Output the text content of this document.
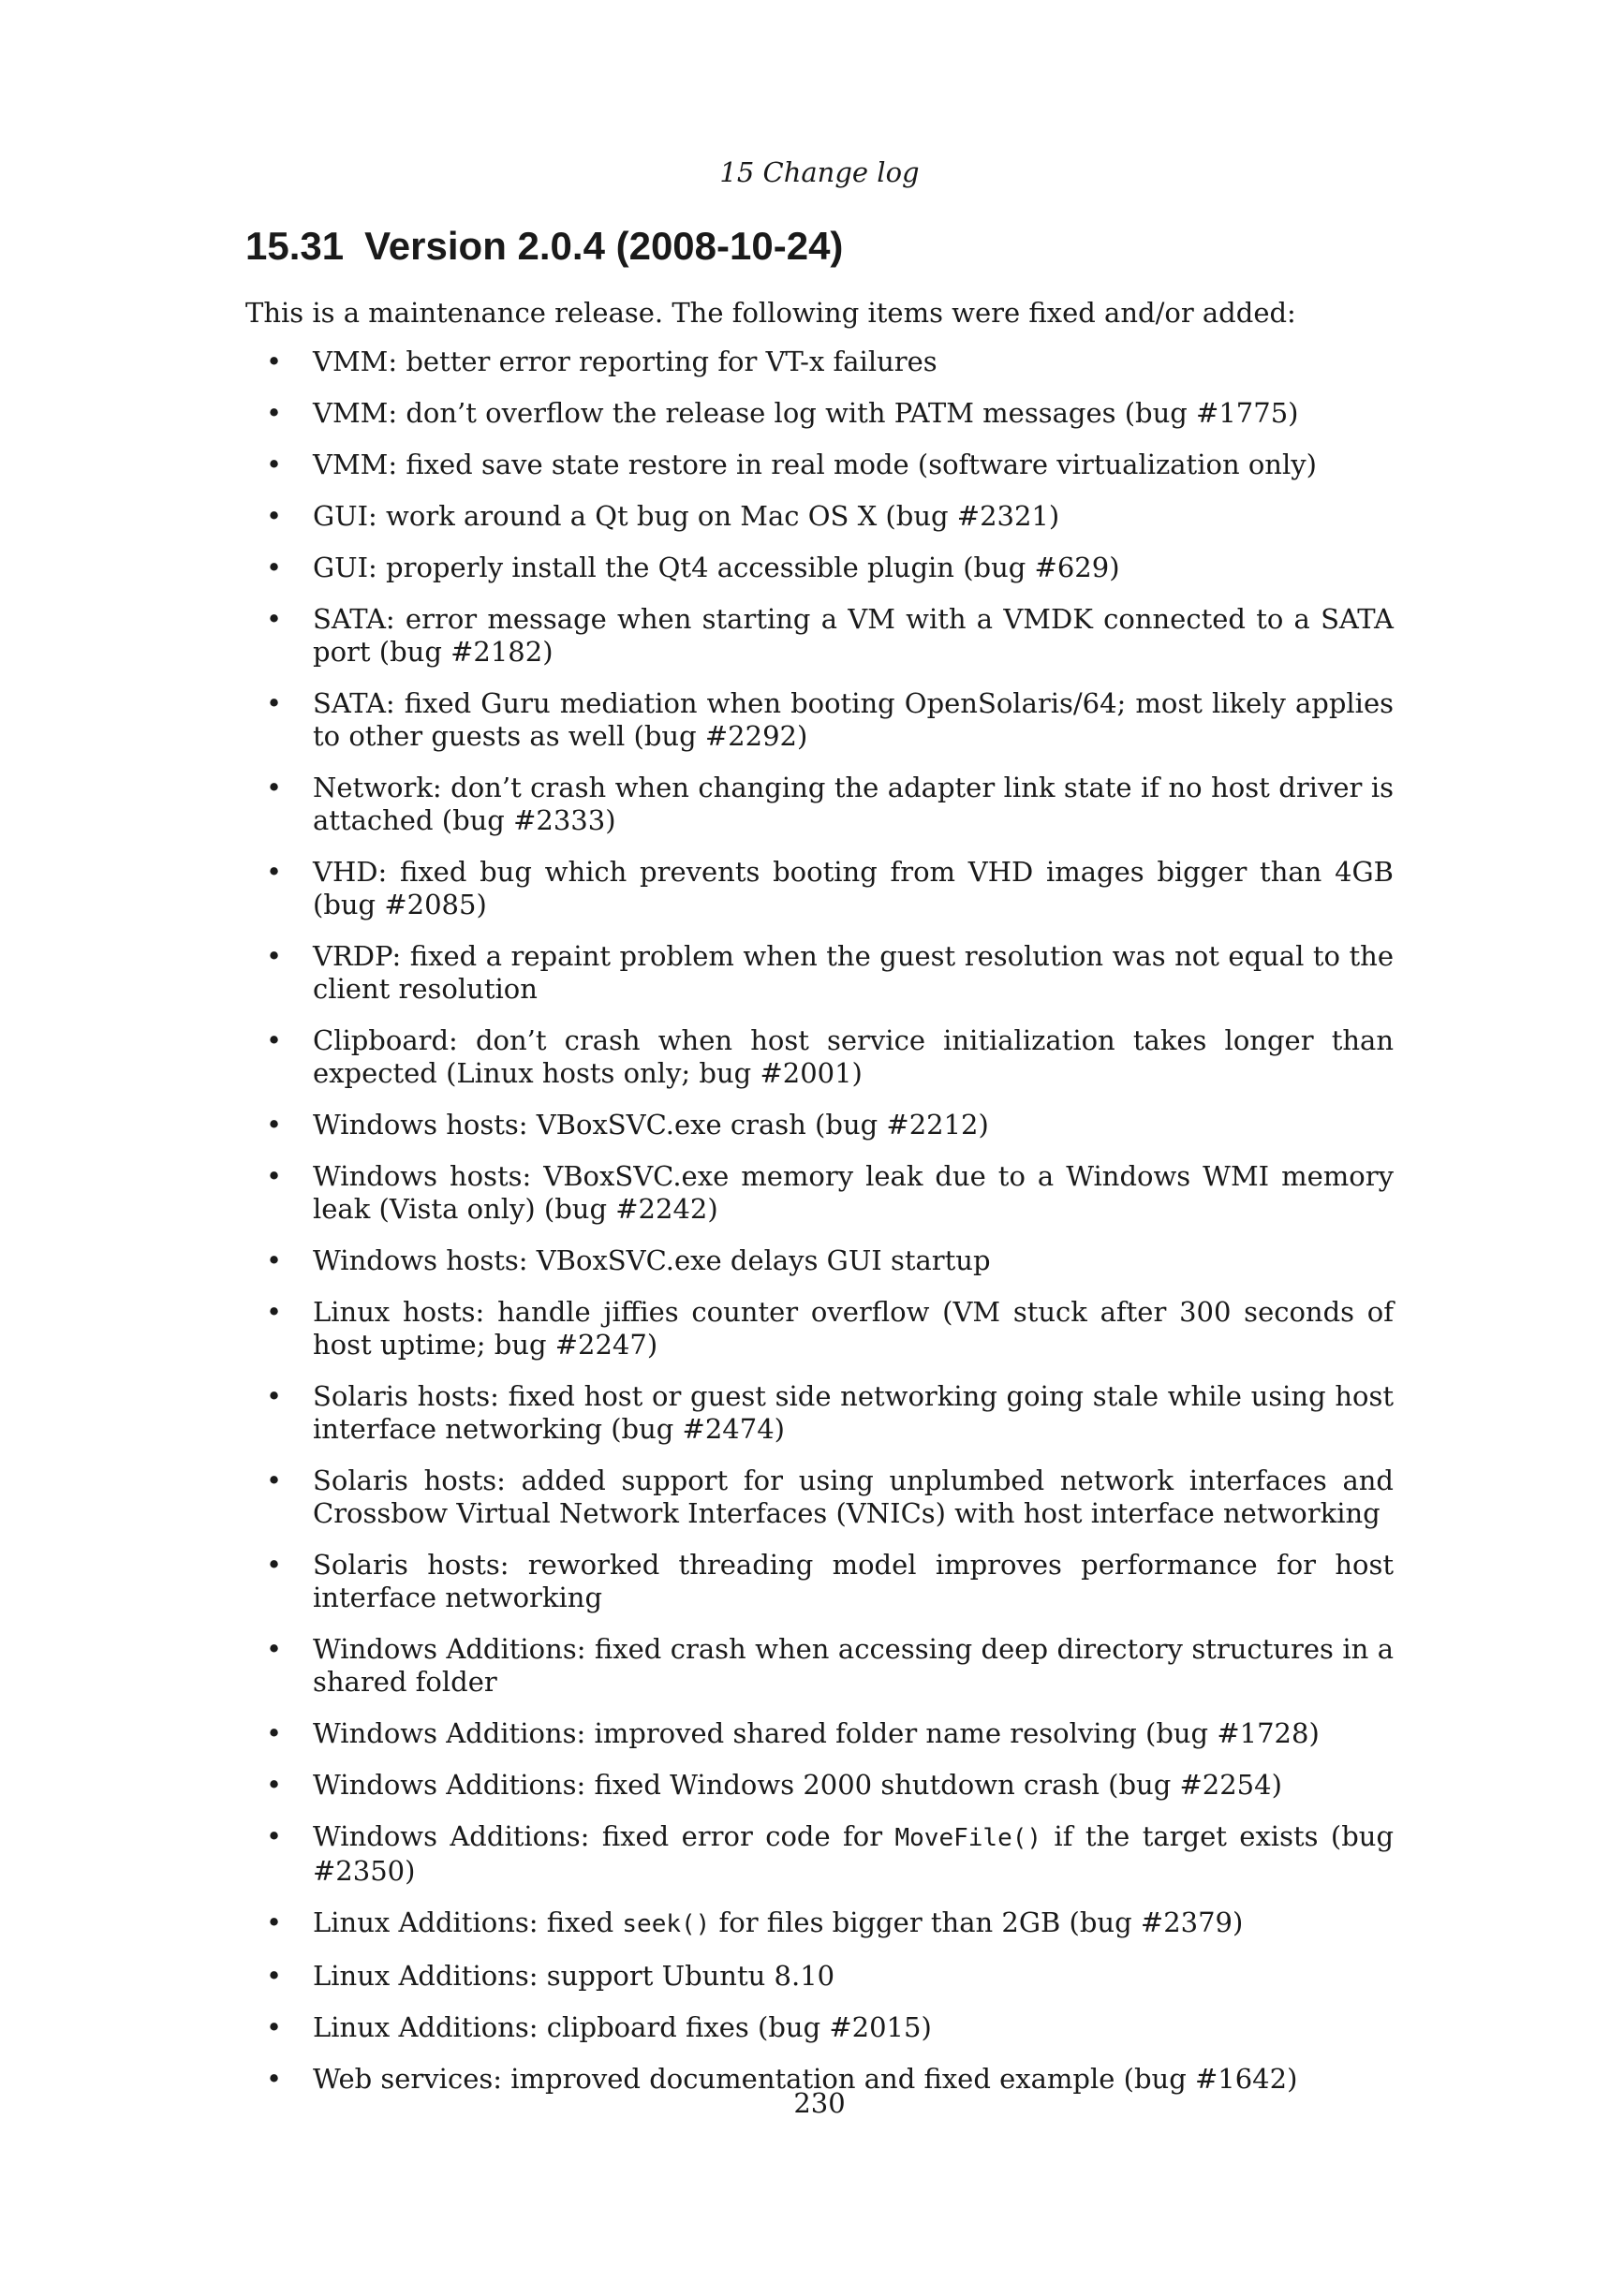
15 Change log
15.31 Version 2.0.4 (2008-10-24)

This is a maintenance release. The following items were fixed and/or added:

• VMM: better error reporting for VT-x failures
• VMM: don’t overflow the release log with PATM messages (bug #1775)
• VMM: fixed save state restore in real mode (software virtualization only)
• GUI: work around a Qt bug on Mac OS X (bug #2321)
• GUI: properly install the Qt4 accessible plugin (bug #629)
• SATA: error message when starting a VM with a VMDK connected to a SATA port (bug #2182)
• SATA: fixed Guru mediation when booting OpenSolaris/64; most likely applies to other guests as well (bug #2292)
• Network: don’t crash when changing the adapter link state if no host driver is attached (bug #2333)
• VHD: fixed bug which prevents booting from VHD images bigger than 4GB (bug #2085)
• VRDP: fixed a repaint problem when the guest resolution was not equal to the client resolution
• Clipboard: don’t crash when host service initialization takes longer than expected (Linux hosts only; bug #2001)
• Windows hosts: VBoxSVC.exe crash (bug #2212)
• Windows hosts: VBoxSVC.exe memory leak due to a Windows WMI memory leak (Vista only) (bug #2242)
• Windows hosts: VBoxSVC.exe delays GUI startup
• Linux hosts: handle jiffies counter overflow (VM stuck after 300 seconds of host uptime; bug #2247)
• Solaris hosts: fixed host or guest side networking going stale while using host interface networking (bug #2474)
• Solaris hosts: added support for using unplumbed network interfaces and Crossbow Virtual Network Interfaces (VNICs) with host interface networking
• Solaris hosts: reworked threading model improves performance for host interface networking
• Windows Additions: fixed crash when accessing deep directory structures in a shared folder
• Windows Additions: improved shared folder name resolving (bug #1728)
• Windows Additions: fixed Windows 2000 shutdown crash (bug #2254)
• Windows Additions: fixed error code for MoveFile() if the target exists (bug #2350)
• Linux Additions: fixed seek() for files bigger than 2GB (bug #2379)
• Linux Additions: support Ubuntu 8.10
• Linux Additions: clipboard fixes (bug #2015)
• Web services: improved documentation and fixed example (bug #1642)
230
